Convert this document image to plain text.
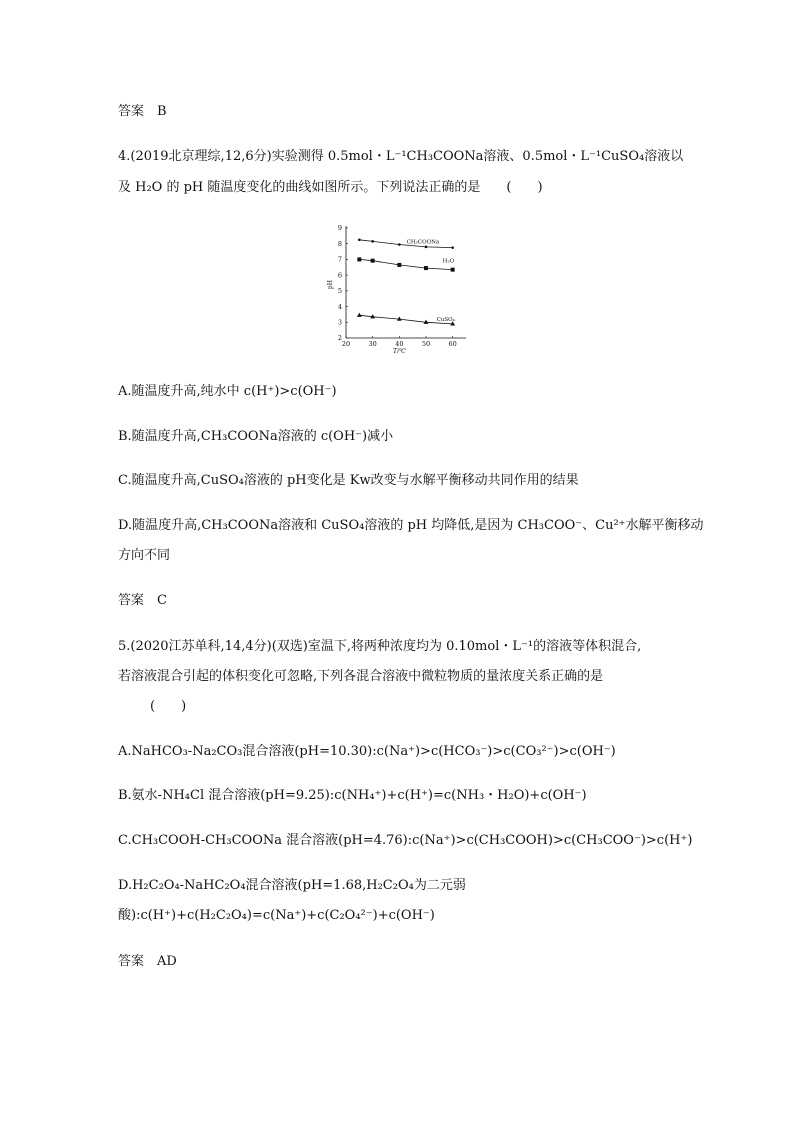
答案　B
4.(2019北京理综,12,6分)实验测得 0.5mol・L⁻¹CH₃COONa溶液、0.5mol・L⁻¹CuSO₄溶液以
及 H₂O 的 pH 随温度变化的曲线如图所示。下列说法正确的是　　(　　)
20	30	40	50	60
2
3
4
5
6
7
8
9
T/℃
pH
CH₃COONa
H₂O
CuSO₄
A.随温度升高,纯水中 c(H⁺)>c(OH⁻)
B.随温度升高,CH₃COONa溶液的 c(OH⁻)减小
C.随温度升高,CuSO₄溶液的 pH变化是 Kw改变与水解平衡移动共同作用的结果
D.随温度升高,CH₃COONa溶液和 CuSO₄溶液的 pH 均降低,是因为 CH₃COO⁻、Cu²⁺水解平衡移动
方向不同
答案　C
5.(2020江苏单科,14,4分)(双选)室温下,将两种浓度均为 0.10mol・L⁻¹的溶液等体积混合,
若溶液混合引起的体积变化可忽略,下列各混合溶液中微粒物质的量浓度关系正确的是
(　　)
A.NaHCO₃-Na₂CO₃混合溶液(pH=10.30):c(Na⁺)>c(HCO₃⁻)>c(CO₃²⁻)>c(OH⁻)
B.氨水-NH₄Cl 混合溶液(pH=9.25):c(NH₄⁺)+c(H⁺)=c(NH₃・H₂O)+c(OH⁻)
C.CH₃COOH-CH₃COONa 混合溶液(pH=4.76):c(Na⁺)>c(CH₃COOH)>c(CH₃COO⁻)>c(H⁺)
D.H₂C₂O₄-NaHC₂O₄混合溶液(pH=1.68,H₂C₂O₄为二元弱
酸):c(H⁺)+c(H₂C₂O₄)=c(Na⁺)+c(C₂O₄²⁻)+c(OH⁻)
答案　AD
